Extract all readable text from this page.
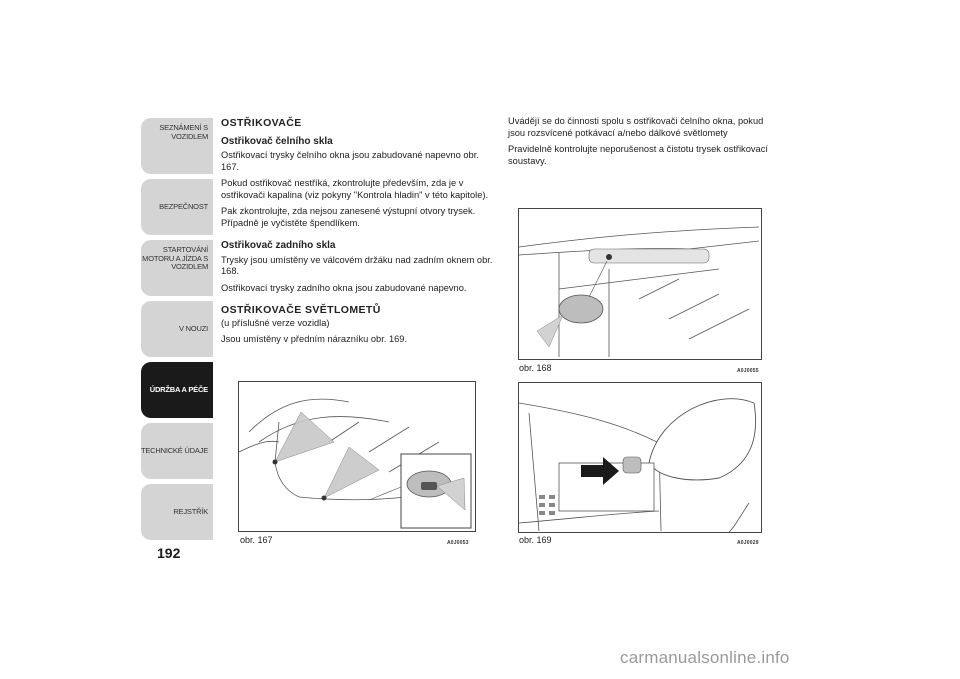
SEZNÁMENÍ S
VOZIDLEM
BEZPEČNOST
STARTOVÁNÍ
MOTORU A JÍZDA S
VOZIDLEM
V NOUZI
ÚDRŽBA A PÉČE
TECHNICKÉ ÚDAJE
REJSTŘÍK
192
OSTŘIKOVAČE
Ostřikovač čelního skla
Ostřikovací trysky čelního okna jsou zabudované napevno obr. 167.
Pokud ostřikovač nestříká, zkontrolujte především, zda je v ostřikovači kapalina (viz pokyny "Kontrola hladin" v této kapitole).
Pak zkontrolujte, zda nejsou zanesené výstupní otvory trysek. Případně je vyčistěte špendlíkem.
Ostřikovač zadního skla
Trysky jsou umístěny ve válcovém držáku nad zadním oknem obr. 168.
Ostřikovací trysky zadního okna jsou zabudované napevno.
OSTŘIKOVAČE SVĚTLOMETŮ
(u příslušné verze vozidla)
Jsou umístěny v předním nárazníku obr. 169.
Uvádějí se do činnosti spolu s ostřikovači čelního okna, pokud jsou rozsvícené potkávací a/nebo dálkové světlomety
Pravidelně kontrolujte neporušenost a čistotu trysek ostřikovací soustavy.
obr. 167	A0J0053
obr. 168	A0J0055
obr. 169	A0J0029
carmanualsonline.info
